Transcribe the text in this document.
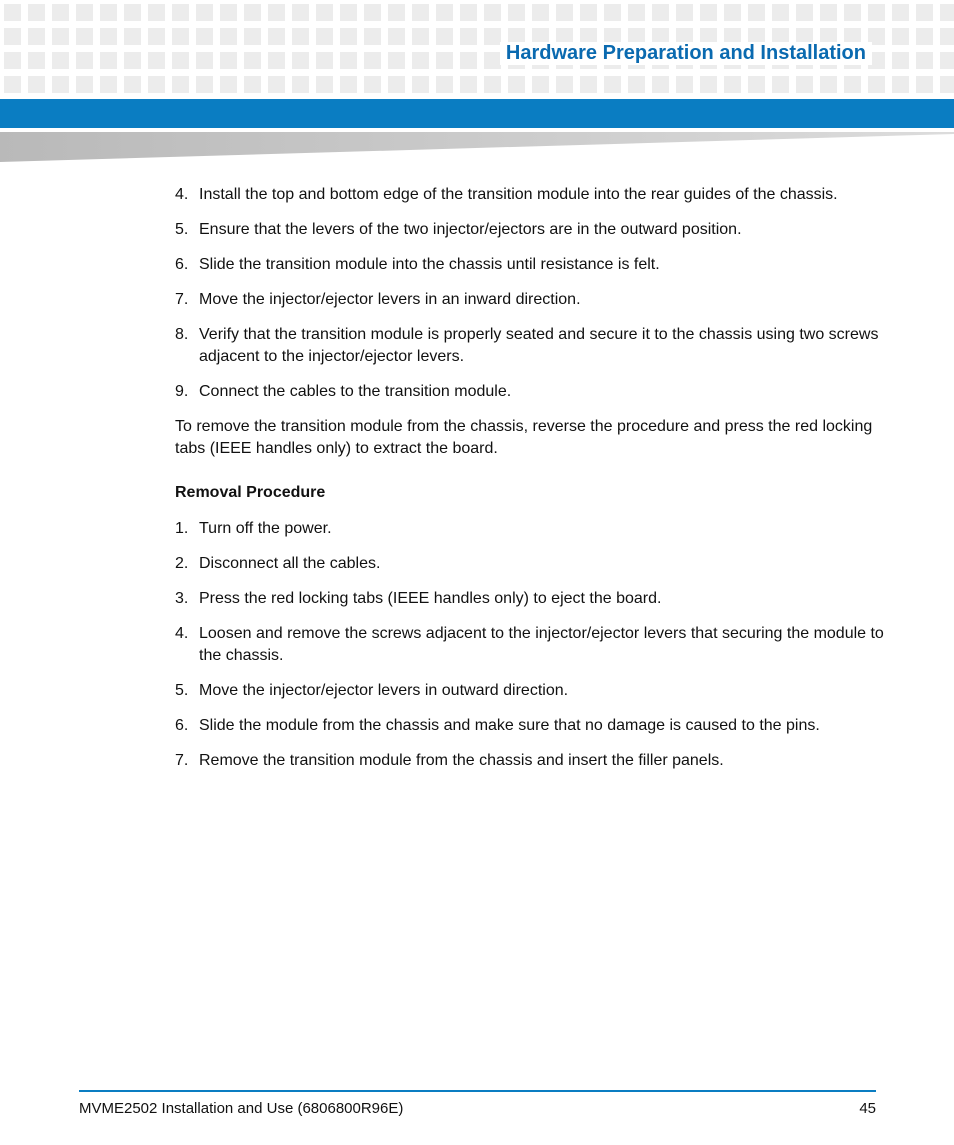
Hardware Preparation and Installation
4. Install the top and bottom edge of the transition module into the rear guides of the chassis.
5. Ensure that the levers of the two injector/ejectors are in the outward position.
6. Slide the transition module into the chassis until resistance is felt.
7. Move the injector/ejector levers in an inward direction.
8. Verify that the transition module is properly seated and secure it to the chassis using two screws adjacent to the injector/ejector levers.
9. Connect the cables to the transition module.

To remove the transition module from the chassis, reverse the procedure and press the red locking tabs (IEEE handles only) to extract the board.

Removal Procedure
1. Turn off the power.
2. Disconnect all the cables.
3. Press the red locking tabs (IEEE handles only) to eject the board.
4. Loosen and remove the screws adjacent to the injector/ejector levers that securing the module to the chassis.
5. Move the injector/ejector levers in outward direction.
6. Slide the module from the chassis and make sure that no damage is caused to the pins.
7. Remove the transition module from the chassis and insert the filler panels.
MVME2502 Installation and Use (6806800R96E)	45
